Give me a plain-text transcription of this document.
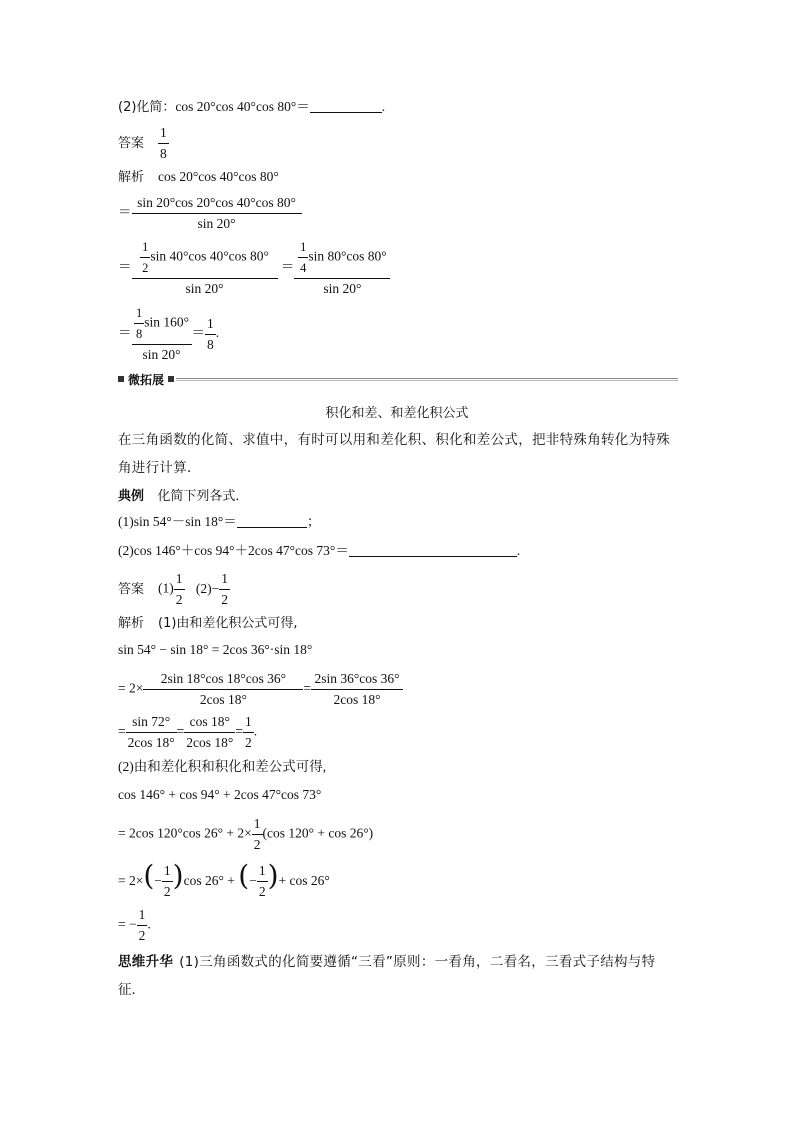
(2)化简：cos 20°cos 40°cos 80°＝	.
答案 $\frac{1}{8}$
解析 cos 20°cos 40°cos 80°
＝ $\frac{\sin 20^\circ\cos 20^\circ\cos 40^\circ\cos 80^\circ}{\sin 20^\circ}$
＝ $\frac{\frac{1}{2} \sin 40^\circ\cos 40^\circ\cos 80^\circ}{\sin 20^\circ} = \frac{\frac{1}{4} \sin 80^\circ\cos 80^\circ}{\sin 20^\circ}$
＝ $\frac{\frac{1}{8} \sin 160^\circ}{\sin 20^\circ} = \frac{1}{8}$ .
微拓展
积化和差、和差化积公式
在三角函数的化简、求值中，有时可以用和差化积、积化和差公式，把非特殊角转化为特殊
角进行计算．
典例 化简下列各式．
(1)sin 54°－sin 18°＝	；
(2)cos 146°＋cos 94°＋2cos 47°cos 73°＝	.
答案 $(1) \frac{1}{2} (2)- \frac{1}{2}$
解析 (1)由和差化积公式可得,
sin 54° − sin 18° = 2cos 36°·sin 18°
= $2\times \frac{2\sin 18^\circ\cos 18^\circ\cos 36^\circ}{2\cos 18^\circ} = \frac{2\sin 36^\circ\cos 36^\circ}{2\cos 18^\circ}$
= $\frac{\sin 72^\circ}{2\cos 18^\circ} = \frac{\cos 18^\circ}{2\cos 18^\circ} = \frac{1}{2}$ .
(2)由和差化积和积化和差公式可得,
cos 146° + cos 94° + 2cos 47°cos 73°
= 2cos 120°cos $26^\circ + 2\times \frac{1}{2} (\cos$ 120° + cos 26°)
= $2\times(- \frac{1}{2} )\cos$ 26° + (− $\frac{1}{2}$ )+ cos 26°
= − $\frac{1}{2}$ .
思维升华 (1)三角函数式的化简要遵循“三看”原则：一看角，二看名，三看式子结构与特
征．
